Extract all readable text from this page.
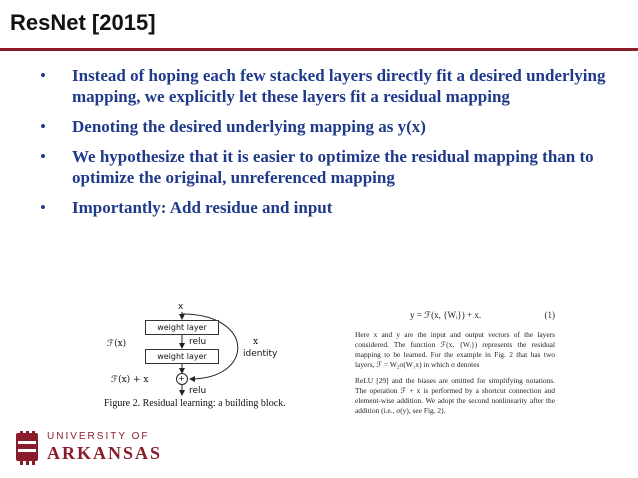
ResNet [2015]
• Instead of hoping each few stacked layers directly fit a desired underlying mapping, we explicitly let these layers fit a residual mapping
• Denoting the desired underlying mapping as y(x)
• We hypothesize that it is easier to optimize the residual mapping than to optimize the original, unreferenced mapping
• Importantly: Add residue and input
x
weight layer
relu
ℱ(x)
weight layer
x
identity
ℱ(x) + x	+
relu
Figure 2. Residual learning: a building block.
y = ℱ(x, {Wᵢ}) + x.	(1)

Here x and y are the input and output vectors of the layers considered. The function ℱ(x, {Wᵢ}) represents the residual mapping to be learned. For the example in Fig. 2 that has two layers, ℱ = W₂σ(W₁x) in which σ denotes

ReLU [29] and the biases are omitted for simplifying notations. The operation ℱ + x is performed by a shortcut connection and element-wise addition. We adopt the second nonlinearity after the addition (i.e., σ(y), see Fig. 2).

UNIVERSITY OF
ARKANSAS
